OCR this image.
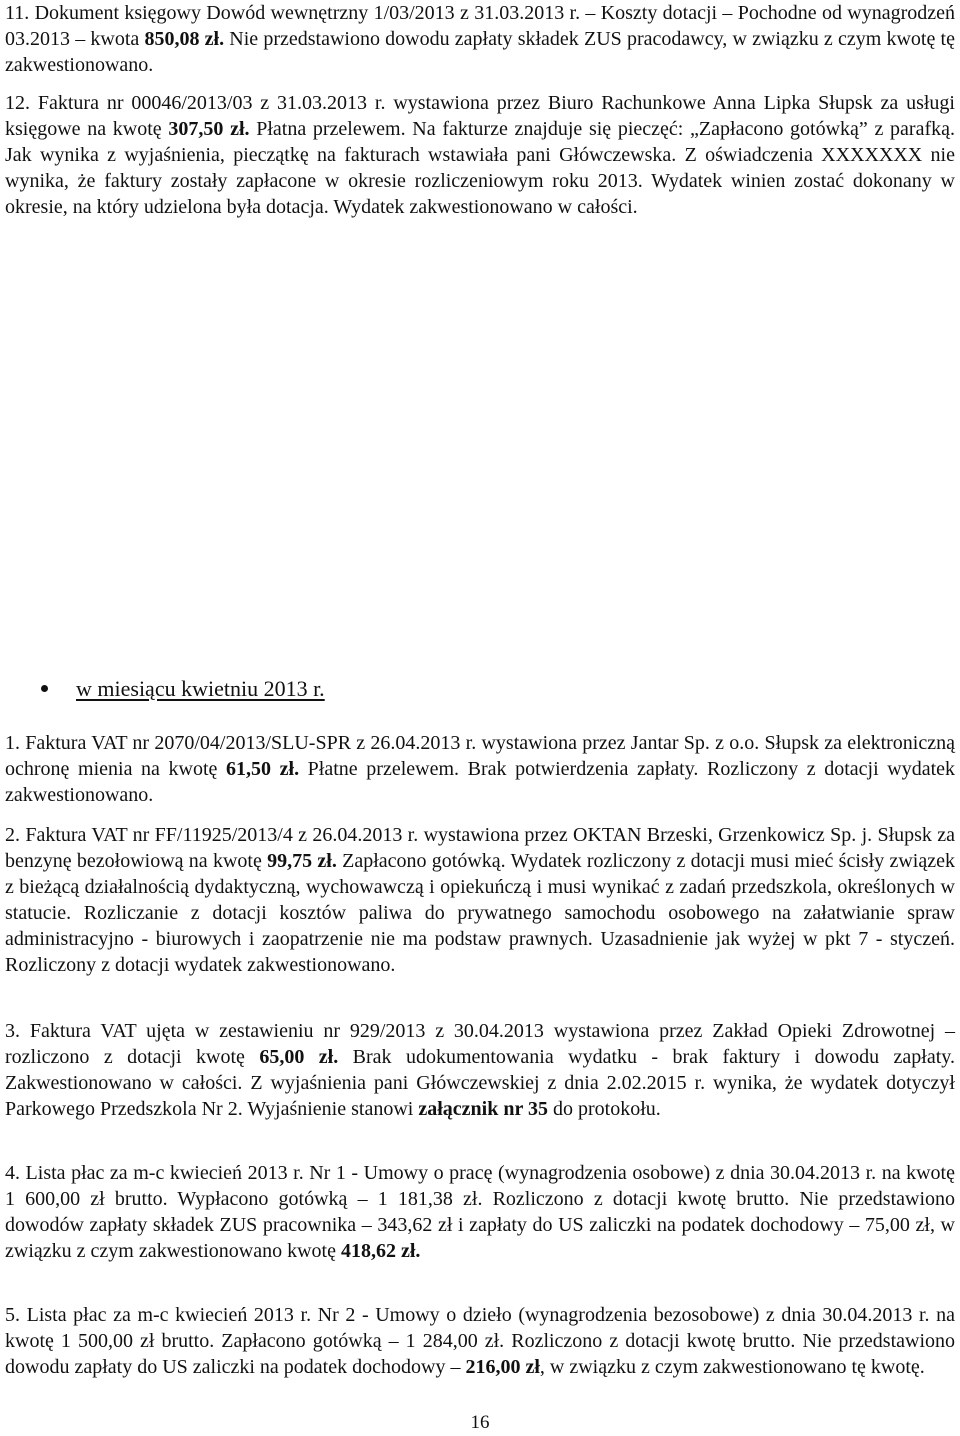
11. Dokument księgowy Dowód wewnętrzny 1/03/2013 z 31.03.2013 r. – Koszty dotacji – Pochodne od wynagrodzeń 03.2013 – kwota 850,08 zł. Nie przedstawiono dowodu zapłaty składek ZUS pracodawcy, w związku z czym kwotę tę zakwestionowano.

12. Faktura nr 00046/2013/03 z 31.03.2013 r. wystawiona przez Biuro Rachunkowe Anna Lipka Słupsk za usługi księgowe na kwotę 307,50 zł. Płatna przelewem. Na fakturze znajduje się pieczęć: „Zapłacono gotówką” z parafką. Jak wynika z wyjaśnienia, pieczątkę na fakturach wstawiała pani Główczewska. Z oświadczenia XXXXXXX nie wynika, że faktury zostały zapłacone w okresie rozliczeniowym roku 2013. Wydatek winien zostać dokonany w okresie, na który udzielona była dotacja. Wydatek zakwestionowano w całości.

w miesiącu kwietniu 2013 r.

1. Faktura VAT nr 2070/04/2013/SLU-SPR z 26.04.2013 r. wystawiona przez Jantar Sp. z o.o. Słupsk za elektroniczną ochronę mienia na kwotę 61,50 zł. Płatne przelewem. Brak potwierdzenia zapłaty. Rozliczony z dotacji wydatek zakwestionowano.

2. Faktura VAT nr FF/11925/2013/4 z 26.04.2013 r. wystawiona przez OKTAN Brzeski, Grzenkowicz Sp. j. Słupsk za benzynę bezołowiową na kwotę 99,75 zł. Zapłacono gotówką. Wydatek rozliczony z dotacji musi mieć ścisły związek z bieżącą działalnością dydaktyczną, wychowawczą i opiekuńczą i musi wynikać z zadań przedszkola, określonych w statucie. Rozliczanie z dotacji kosztów paliwa do prywatnego samochodu osobowego na załatwianie spraw administracyjno - biurowych i zaopatrzenie nie ma podstaw prawnych. Uzasadnienie jak wyżej w pkt 7 - styczeń. Rozliczony z dotacji wydatek zakwestionowano.

3. Faktura VAT ujęta w zestawieniu nr 929/2013 z 30.04.2013 wystawiona przez Zakład Opieki Zdrowotnej – rozliczono z dotacji kwotę 65,00 zł. Brak udokumentowania wydatku - brak faktury i dowodu zapłaty. Zakwestionowano w całości. Z wyjaśnienia pani Główczewskiej z dnia 2.02.2015 r. wynika, że wydatek dotyczył Parkowego Przedszkola Nr 2. Wyjaśnienie stanowi załącznik nr 35 do protokołu.

4. Lista płac za m-c kwiecień 2013 r. Nr 1 - Umowy o pracę (wynagrodzenia osobowe) z dnia 30.04.2013 r. na kwotę 1 600,00 zł brutto. Wypłacono gotówką – 1 181,38 zł. Rozliczono z dotacji kwotę brutto. Nie przedstawiono dowodów zapłaty składek ZUS pracownika – 343,62 zł i zapłaty do US zaliczki na podatek dochodowy – 75,00 zł, w związku z czym zakwestionowano kwotę 418,62 zł.

5. Lista płac za m-c kwiecień 2013 r. Nr 2 - Umowy o dzieło (wynagrodzenia bezosobowe) z dnia 30.04.2013 r. na kwotę 1 500,00 zł brutto. Zapłacono gotówką – 1 284,00 zł. Rozliczono z dotacji kwotę brutto. Nie przedstawiono dowodu zapłaty do US zaliczki na podatek dochodowy – 216,00 zł, w związku z czym zakwestionowano tę kwotę.

16
